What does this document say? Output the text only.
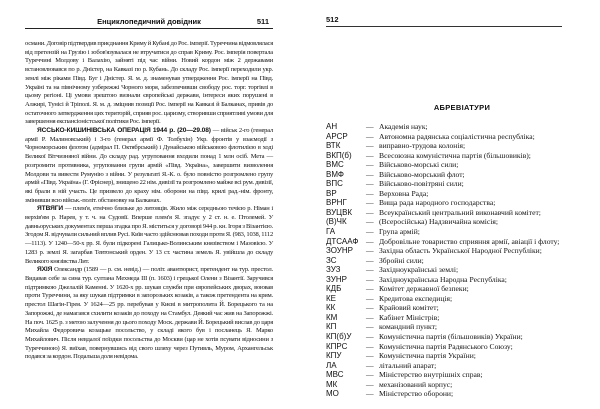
Енциклопедичний довідник	511

османи. Договір підтвердив приєднання Криму й Кубані до Рос. імперії. Туреччина відмовлялася від претензій на Грузію і зобов'язувалася не втручатися до справ Криму. Рос. імперія повертала Туреччині Молдову і Валахію, зайняті під час війни. Новий кордон між 2 державами встановлювався по р. Дністер, на Кавказі по р. Кубань. До складу Рос. імперії переходили укр. землі між ріками Півд. Буг і Дністер. Я. м. д. знаменував утвердження Рос. імперії на Півд. Україні та на північному узбережжі Чорного моря, забезпечивши свободу рос. торг. торгівлі в цьому регіоні. Ці умови зрештою визнали європейські держави, інтереси яких порушені в Алжирі, Тунісі й Тріполі. Я. м. д. зміцнив позиції Рос. імперії на Кавказі й Балканах, привів до остаточного затвердження цих територій, сприяв рос. царизму, створивши сприятливі умови для завершення експансіоністської політики Рос. імперії.

ЯССЬКО-КИШИНІВСЬКА ОПЕРАЦІЯ 1944 р. (20—29.08) — військ 2-го (генерал армії Р. Малиновський) і 3-го (генерал армії Ф. Толбухін) Укр. фронтів у взаємодії з Чорноморським флотом (адмірал П. Октябрський) і Дунайською військовою флотилією в ході Великої Вітчизняної війни. До складу рад. угруповання входили понад 1 млн осіб. Мета — розгромити противника, угруповання групи армій «Півд. Україна», завершити визволення Молдови та вивести Румунію з війни. У результаті Я.-К. о. було повністю розгромлено групу армій «Півд. Україна» (Г. Фріснер), знищено 22 нім. дивізії та розгромлено майже всі рум. дивізії, які брали в ній участь. Це призвело до краху нім. оборони на півд. крилі рад.-нім. фронту, змінивши всю військ.-політ. обстановку на Балканах.

ЯТВЯГИ — плем'я, етнічно близьке до литовців. Жило між середньою течією р. Німан і верхів'ям р. Нарев, у т. ч. на Судовії. Вперше плем'я Я. згадує у 2 ст. н. е. Птолемей. У давньоруських документах перша згадка про Я. міститься у договорі 944 р. кн. Ігоря з Візантією. Згодом Я. відчували сильний вплив Русі. Київ часто здійснював походи проти Я. (983, 1038, 1112—1113). У 1240—50-х рр. Я. були підкорені Галицько-Волинським князівством і Мазовією. У 1283 р. землі Я. загарбав Тевтонський орден. У 13 ст. частина земель Я. увійшла до складу Великого князівства Лит.

ЯХІЯ Олександр (1589 — р. см. невід.) — політ. авантюрист, претендент на тур. престол. Видавав себе за сина тур. султана Мехмеда III (п. 1603) і грецької Олени з Візантії. Заручився підтримкою Джелалій Каменні. У 1620-х рр. шукав служби при європейських дворах, воював проти Туреччини, за яку шукав підтримки в запорозьких козаків, а також претендента на крим. престол Шагін-Гірея. У 1624—25 рр. перебував у Києві в митрополита Й. Борецького та на Запорожжі, де намагався схилити козаків до походу на Стамбул. Деякий час жив на Запорожжі. На поч. 1625 р. з метою залучення до цього походу Моск. держави Й. Борецький вислав до царя Михайла Федоровича козацьке посольство, у складі якого був і посланець Я. Марко Михайлович. Після невдалої поїздки посольства до Москви (цар не хотів псувати відносини з Туреччиною) Я. виїхав, повернувшись від свого шляху через Путивль, Муром, Архангельськ подався за кордон. Подальша доля невідома.

512
АБРЕВІАТУРИ
АН	— Академія наук;
АРСР — Автономна радянська соціалістична республіка;
ВТК	— виправно-трудова колонія;
ВКП(б) — Всесоюзна комуністична партія (більшовиків);
ВМС	— Військово-морські сили;
ВМФ	— Військово-морський флот;
ВПС	— Військово-повітряні сили;
ВР	— Верховна Рада;
ВРНГ	— Вища рада народного господарства;
ВУЦВК — Всеукраїнський центральний виконавчий комітет;
(В)ЧК	— (Всеросійська) Надзвичайна комісія;
ГА	— Група армій;
ДТСААФ — Добровільне товариство сприяння армії, авіації і флоту;
ЗОУНР — Західна область Української Народної Республіки;
ЗС	— Збройні сили;
ЗУЗ	— Західноукраїнські землі;
ЗУНР	— Західноукраїнська Народна Республіка;
КДБ	— Комітет державної безпеки;
КЕ	— Кредитова експедиція;
КК	— Крайовий комітет;
КМ	— Кабінет Міністрів;
КП	— командний пункт;
КП(б)У — Комуністична партія (більшовиків) України;
КПРС — Комуністична партія Радянського Союзу;
КПУ	— Комуністична партія України;
ЛА	— літальний апарат;
МВС	— Міністерство внутрішніх справ;
МК	— механізований корпус;
МО	— Міністерство оборони;
